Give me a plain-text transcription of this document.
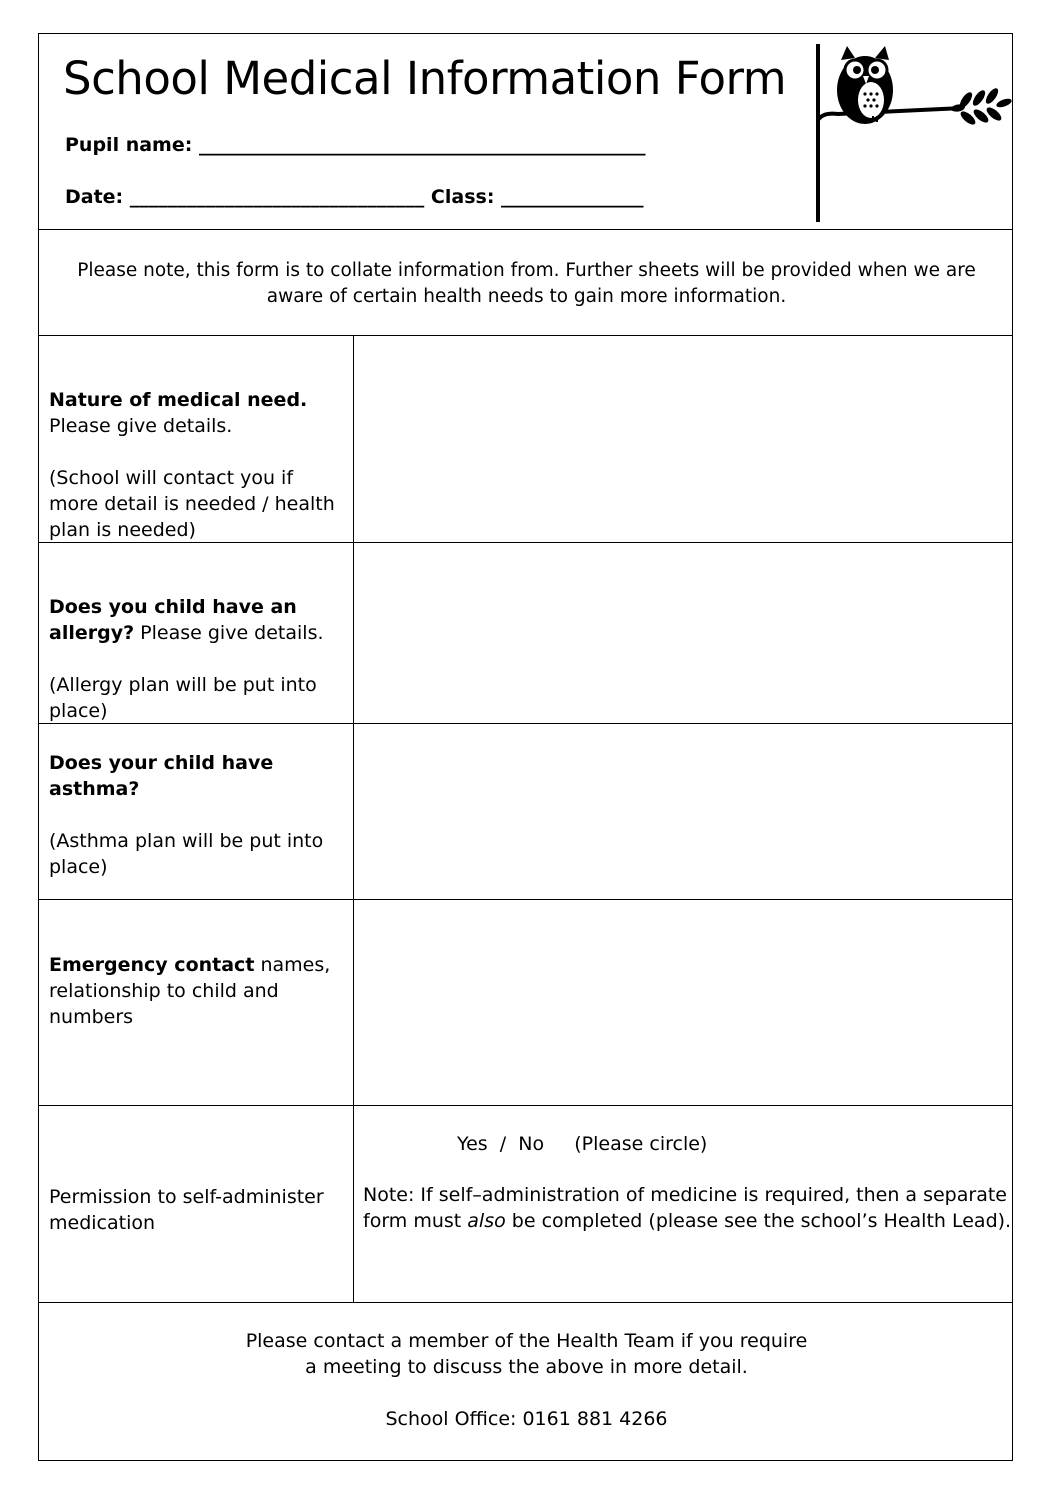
School Medical Information Form
Pupil name: _______________________________________________
Date: _______________________________ Class: _______________
Please note, this form is to collate information from. Further sheets will be provided when we are
aware of certain health needs to gain more information.

Nature of medical need.

Please give details.

(School will contact you if

more detail is needed / health

plan is needed)

Does you child have an

allergy? Please give details.

(Allergy plan will be put into

place)

Does your child have

asthma?

(Asthma plan will be put into

place)

Emergency contact names,

relationship to child and

numbers

Permission to self-administer

medication

Yes  /  No     (Please circle)
Note: If self–administration of medicine is required, then a separate
form must also be completed (please see the school’s Health Lead).
Please contact a member of the Health Team if you require
a meeting to discuss the above in more detail.
School Office: 0161 881 4266
